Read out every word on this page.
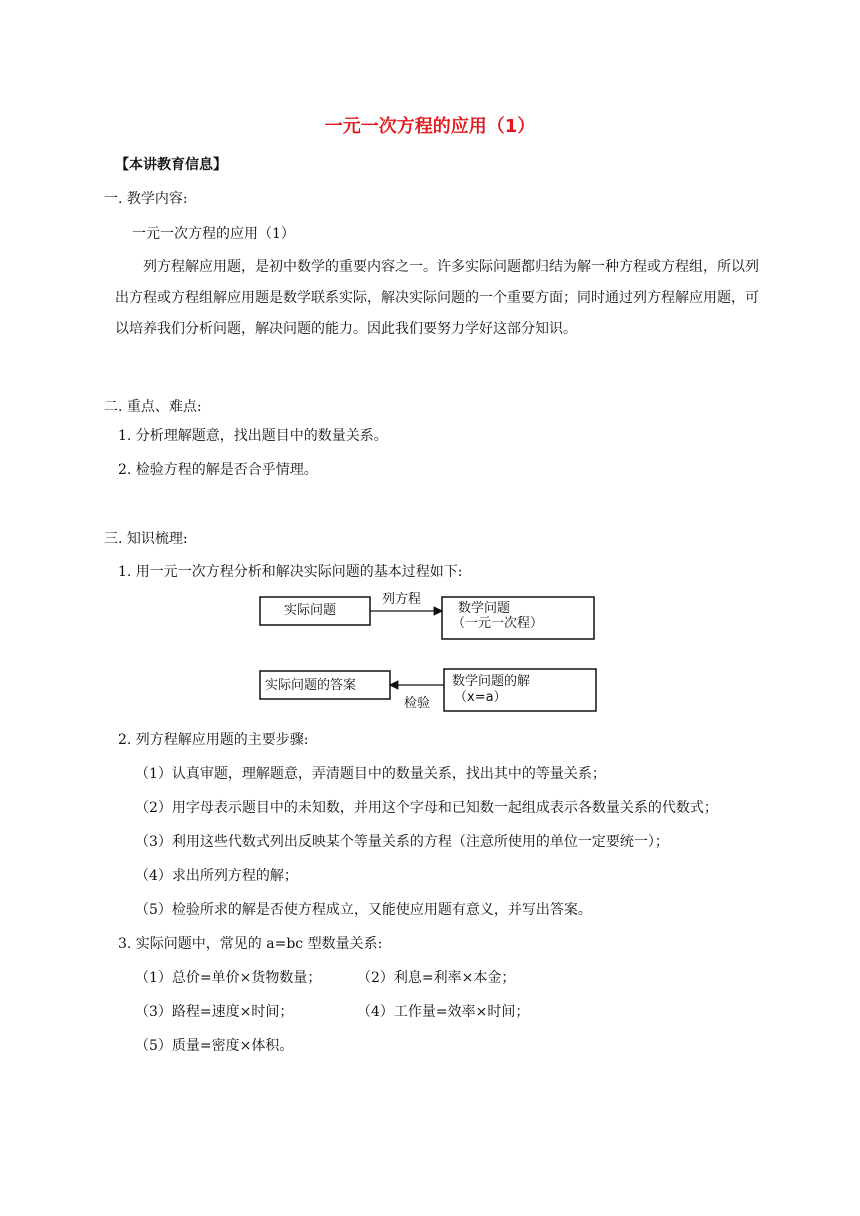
一元一次方程的应用（1）
【本讲教育信息】
一. 教学内容:
一元一次方程的应用（1）
列方程解应用题，是初中数学的重要内容之一。许多实际问题都归结为解一种方程或方程组，所以列出方程或方程组解应用题是数学联系实际，解决实际问题的一个重要方面；同时通过列方程解应用题，可以培养我们分析问题，解决问题的能力。因此我们要努力学好这部分知识。
二. 重点、难点:
1. 分析理解题意，找出题目中的数量关系。
2. 检验方程的解是否合乎情理。
三. 知识梳理:
1. 用一元一次方程分析和解决实际问题的基本过程如下:
实际问题
列方程
数学问题
（一元一次程）
实际问题的答案
检验
数学问题的解
（x=a）
2. 列方程解应用题的主要步骤:
（1）认真审题，理解题意，弄清题目中的数量关系，找出其中的等量关系；
（2）用字母表示题目中的未知数，并用这个字母和已知数一起组成表示各数量关系的代数式；
（3）利用这些代数式列出反映某个等量关系的方程（注意所使用的单位一定要统一）；
（4）求出所列方程的解；
（5）检验所求的解是否使方程成立，又能使应用题有意义，并写出答案。
3. 实际问题中，常见的 a=bc 型数量关系:
（1）总价=单价×货物数量；	（2）利息=利率×本金；
（3）路程=速度×时间；	（4）工作量=效率×时间；
（5）质量=密度×体积。
